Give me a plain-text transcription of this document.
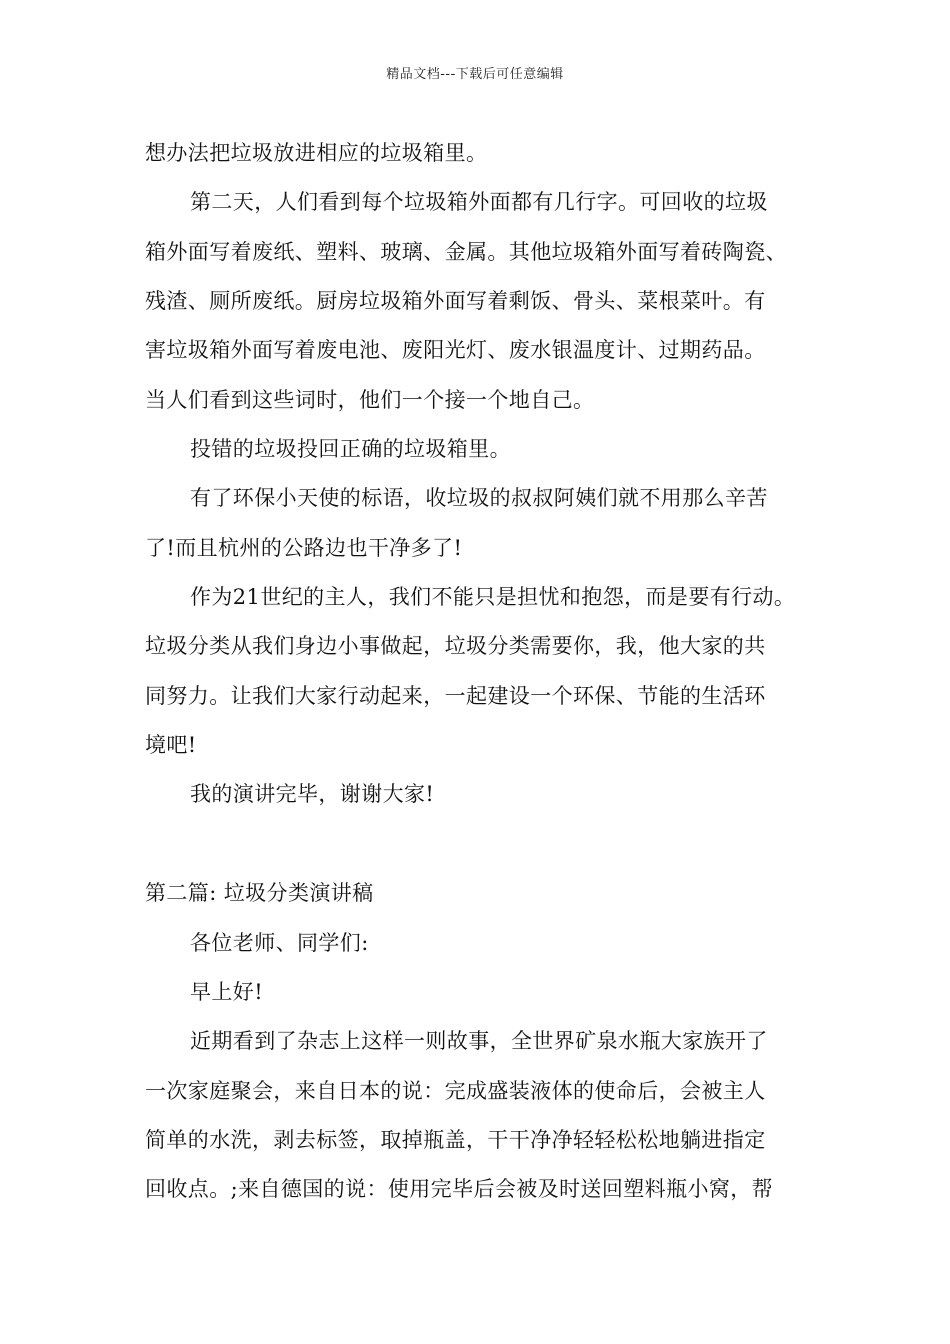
精品文档---下载后可任意编辑
想办法把垃圾放进相应的垃圾箱里。
第二天，人们看到每个垃圾箱外面都有几行字。可回收的垃圾
箱外面写着废纸、塑料、玻璃、金属。其他垃圾箱外面写着砖陶瓷、
残渣、厕所废纸。厨房垃圾箱外面写着剩饭、骨头、菜根菜叶。有
害垃圾箱外面写着废电池、废阳光灯、废水银温度计、过期药品。
当人们看到这些词时，他们一个接一个地自己。
投错的垃圾投回正确的垃圾箱里。
有了环保小天使的标语，收垃圾的叔叔阿姨们就不用那么辛苦
了!而且杭州的公路边也干净多了!
作为21世纪的主人，我们不能只是担忧和抱怨，而是要有行动。
垃圾分类从我们身边小事做起，垃圾分类需要你，我，他大家的共
同努力。让我们大家行动起来，一起建设一个环保、节能的生活环
境吧!
我的演讲完毕，谢谢大家!
第二篇: 垃圾分类演讲稿
各位老师、同学们:
早上好!
近期看到了杂志上这样一则故事，全世界矿泉水瓶大家族开了
一次家庭聚会，来自日本的说：完成盛装液体的使命后，会被主人
简单的水洗，剥去标签，取掉瓶盖，干干净净轻轻松松地躺进指定
回收点。;来自德国的说：使用完毕后会被及时送回塑料瓶小窝，帮
